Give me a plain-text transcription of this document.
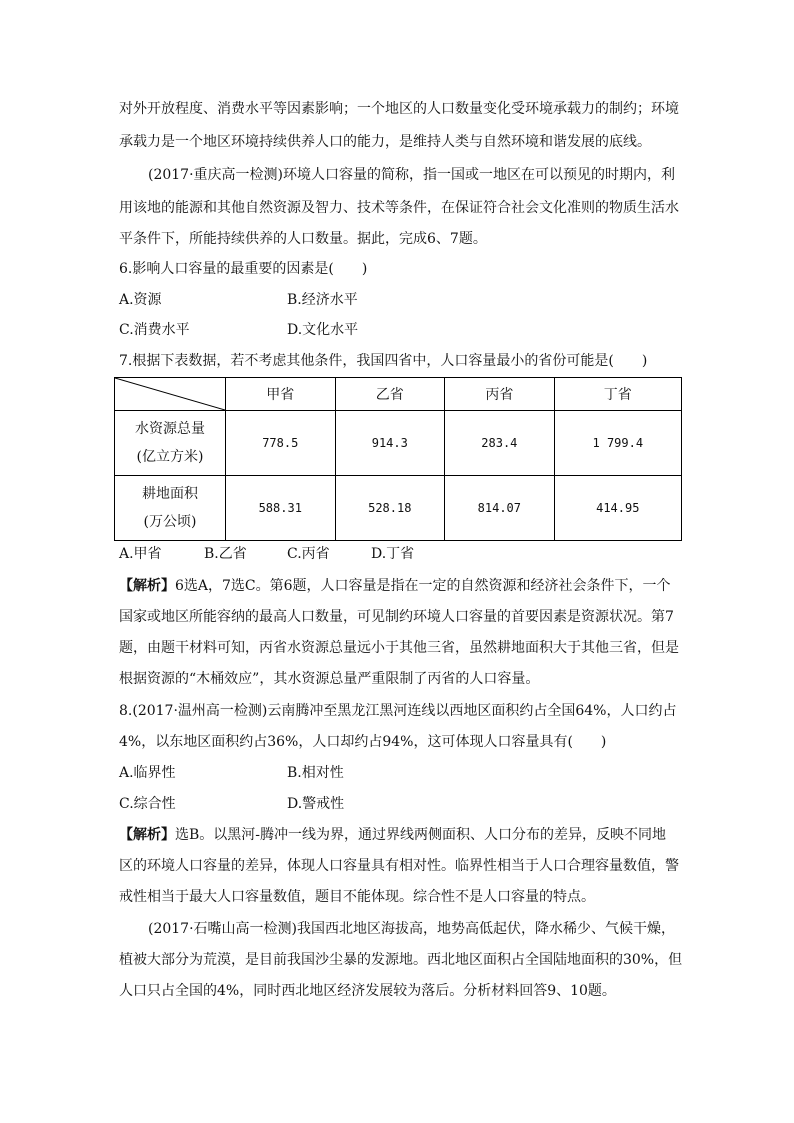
对外开放程度、消费水平等因素影响；一个地区的人口数量变化受环境承载力的制约；环境
承载力是一个地区环境持续供养人口的能力，是维持人类与自然环境和谐发展的底线。
(2017·重庆高一检测)环境人口容量的简称，指一国或一地区在可以预见的时期内，利
用该地的能源和其他自然资源及智力、技术等条件，在保证符合社会文化准则的物质生活水
平条件下，所能持续供养的人口数量。据此，完成6、7题。
6.影响人口容量的最重要的因素是(　　)
A.资源	B.经济水平
C.消费水平	D.文化水平
7.根据下表数据，若不考虑其他条件，我国四省中，人口容量最小的省份可能是(　　)
	甲省	乙省	丙省	丁省

水资源总量
(亿立方米)	778.5	914.3	283.4	1 799.4

耕地面积
(万公顷)	588.31	528.18	814.07	414.95
A.甲省	B.乙省	C.丙省	D.丁省
【解析】6选A，7选C。第6题，人口容量是指在一定的自然资源和经济社会条件下，一个
国家或地区所能容纳的最高人口数量，可见制约环境人口容量的首要因素是资源状况。第7
题，由题干材料可知，丙省水资源总量远小于其他三省，虽然耕地面积大于其他三省，但是
根据资源的“木桶效应”，其水资源总量严重限制了丙省的人口容量。
8.(2017·温州高一检测)云南腾冲至黑龙江黑河连线以西地区面积约占全国64%，人口约占
4%，以东地区面积约占36%，人口却约占94%，这可体现人口容量具有(　　)
A.临界性	B.相对性
C.综合性	D.警戒性
【解析】选B。以黑河-腾冲一线为界，通过界线两侧面积、人口分布的差异，反映不同地
区的环境人口容量的差异，体现人口容量具有相对性。临界性相当于人口合理容量数值，警
戒性相当于最大人口容量数值，题目不能体现。综合性不是人口容量的特点。
(2017·石嘴山高一检测)我国西北地区海拔高，地势高低起伏，降水稀少、气候干燥，
植被大部分为荒漠，是目前我国沙尘暴的发源地。西北地区面积占全国陆地面积的30%，但
人口只占全国的4%，同时西北地区经济发展较为落后。分析材料回答9、10题。
